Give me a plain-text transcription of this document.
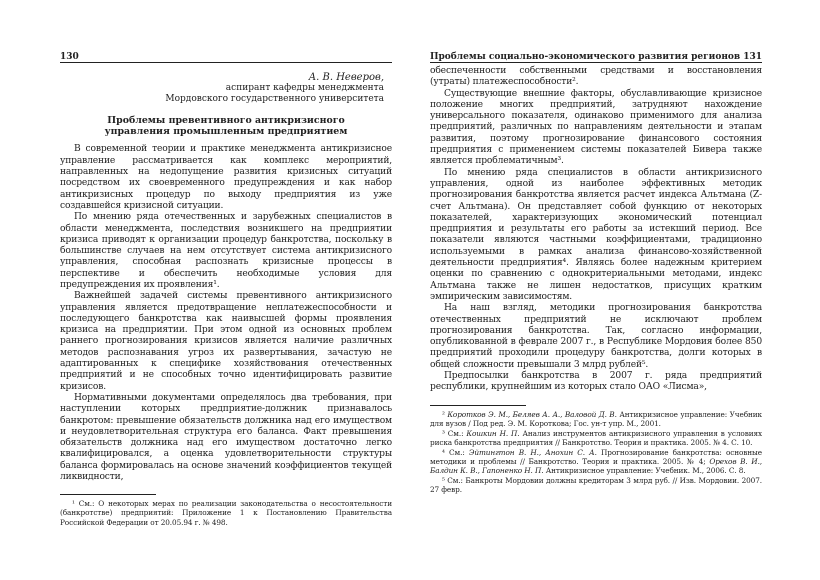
130
А. В. Неверов,
аспирант кафедры менеджмента
Мордовского государственного университета
Проблемы превентивного антикризисного управления промышленным предприятием

В современной теории и практике менеджмента антикризисное управление рассматривается как комплекс мероприятий, направленных на недопущение развития кризисных ситуаций посредством их своевременного предупреждения и как набор антикризисных процедур по выходу предприятия из уже создавшейся кризисной ситуации.

По мнению ряда отечественных и зарубежных специалистов в области менеджмента, последствия возникшего на предприятии кризиса приводят к организации процедур банкротства, поскольку в большинстве случаев на нем отсутствует система антикризисного управления, способная распознать кризисные процессы в перспективе и обеспечить необходимые условия для предупреждения их проявления¹.

Важнейшей задачей системы превентивного антикризисного управления является предотвращение неплатежеспособности и последующего банкротства как наивысшей формы проявления кризиса на предприятии. При этом одной из основных проблем раннего прогнозирования кризисов является наличие различных методов распознавания угроз их развертывания, зачастую не адаптированных к специфике хозяйствования отечественных предприятий и не способных точно идентифицировать развитие кризисов.

Нормативными документами определялось два требования, при наступлении которых предприятие-должник признавалось банкротом: превышение обязательств должника над его имуществом и неудовлетворительная структура его баланса. Факт превышения обязательств должника над его имуществом достаточно легко квалифицировался, а оценка удовлетворительности структуры баланса формировалась на основе значений коэффициентов текущей ликвидности,

¹ См.: О некоторых мерах по реализации законодательства о несостоятельности (банкротстве) предприятий: Приложение 1 к Постановлению Правительства Российской Федерации от 20.05.94 г. № 498.

Проблемы социально-экономического развития регионов 131

обеспеченности собственными средствами и восстановления (утраты) платежеспособности².

Существующие внешние факторы, обуславливающие кризисное положение многих предприятий, затрудняют нахождение универсального показателя, одинаково применимого для анализа предприятий, различных по направлениям деятельности и этапам развития, поэтому прогнозирование финансового состояния предприятия с применением системы показателей Бивера также является проблематичным³.

По мнению ряда специалистов в области антикризисного управления, одной из наиболее эффективных методик прогнозирования банкротства является расчет индекса Альтмана (Z-счет Альтмана). Он представляет собой функцию от некоторых показателей, характеризующих экономический потенциал предприятия и результаты его работы за истекший период. Все показатели являются частными коэффициентами, традиционно используемыми в рамках анализа финансово-хозяйственной деятельности предприятия⁴. Являясь более надежным критерием оценки по сравнению с однокритериальными методами, индекс Альтмана также не лишен недостатков, присущих кратким эмпирическим зависимостям.

На наш взгляд, методики прогнозирования банкротства отечественных предприятий не исключают проблем прогнозирования банкротства. Так, согласно информации, опубликованной в феврале 2007 г., в Республике Мордовия более 850 предприятий проходили процедуру банкротства, долги которых в общей сложности превышали 3 млрд рублей⁵.

Предпосылки банкротства в 2007 г. ряда предприятий республики, крупнейшим из которых стало ОАО «Лисма»,

² Коротков Э. М., Беляев А. А., Валовой Д. В. Антикризисное управление: Учебник для вузов / Под ред. Э. М. Короткова; Гос. ун-т упр. М., 2001.

³ См.: Кошкин Н. П. Анализ инструментов антикризисного управления в условиях риска банкротства предприятия // Банкротство. Теория и практика. 2005. № 4. С. 10.

⁴ См.: Эйтингтон В. Н., Анохин С. А. Прогнозирование банкротства: основные методики и проблемы // Банкротство. Теория и практика. 2005. № 4; Орехов В. И., Балдин К. В., Гапоненко Н. П. Антикризисное управление: Учебник. М., 2006. С. 8.

⁵ См.: Банкроты Мордовии должны кредиторам 3 млрд руб. // Изв. Мордовии. 2007. 27 февр.
